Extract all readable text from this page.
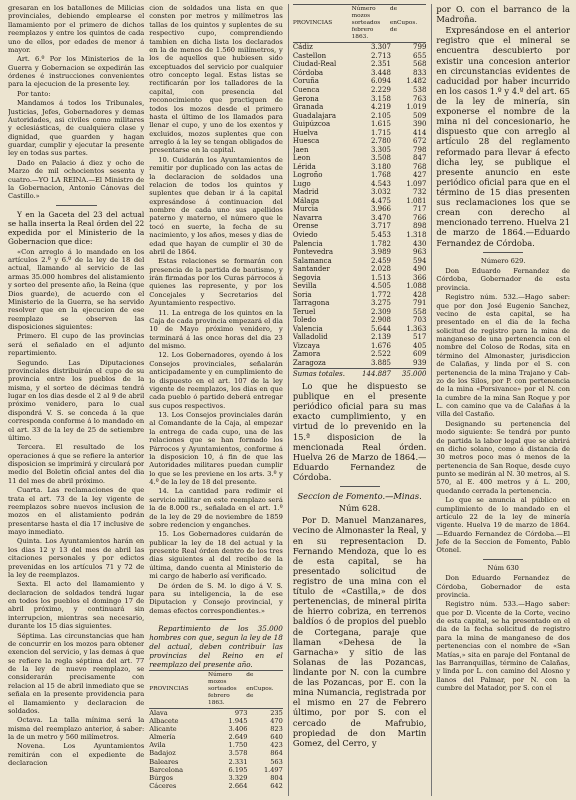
gresaran en los batallones de Milicias provinciales, debiendo emplearse el llamamiento por el primero de dichos reemplazos y entre los quintos de cada uno de ellos, por edades de menor á mayor.

Art. 6.º Por los Ministerios de la Guerra y Gobernacion se expedirán las órdenes é instrucciones convenientes para la ejecucion de la presente ley.

Por tanto:

Mandamos á todos los Tribunales, Justicias, Jefes, Gobernadores y demas Autoridades, asi civiles como militares y eclesiásticas, de cualquiera clase y dignidad, que guarden y hagan guardar, cumplir y ejecutar la presente ley en todas sus partes.

Dado en Palacio á diez y ocho de Marzo de mil ochocientos sesenta y cuatro.—YO LA REINA.—El Ministro de la Gobernacion, Antonio Cánovas del Castillo.»

Y en la Gaceta del 23 del actual se halla inserta la Real órden del 22 expedida por el Ministerio de la Gobernacion que dice:

«Con arreglo á lo mandado en los artículos 2.º y 6.º de la ley de 18 del actual, llamando al servicio de las armas 35.000 hombres del alistamiento y sorteo del presente año, la Reina (que Dios guarde), de acuerdo con el Ministerio de la Guerra, se ha servido resolver que en la ejecucion de ese reemplazo se observen las disposiciones siguientes:

Primero. El cupo de las provincias será el señalado en el adjunto repartimiento.

Segundo. Las Diputaciones provinciales distribuirán el cupo de su provincia entre los pueblos de la misma, y el sorteo de décimas tendrá lugar en los dias desde el 2 al 9 de abril próximo venidero, para lo cual dispondrá V. S. se conceda á la que corresponda conforme á lo mandado en el art. 33 de la ley de 25 de setiembre último.

Tercera. El resultado de los operaciones á que se refiere la anterior disposicion se imprimirá y circulará por medio del Boletin oficial antes del dia 11 del mes de abril próximo.

Cuarta. Las reclamaciones de que trata el art. 73 de la ley vigente de reemplazos sobre nuevos inclusion de mozos en el alistamiento podrán presentarse hasta el dia 17 inclusive de mayo inmediato.

Quinta. Los Ayuntamientos harán en los dias 12 y 13 del mes de abril las citaciones personales y por edictos prevenidas en los artículos 71 y 72 de la ley de reemplazos.

Sexta. El acto del llamamiento y declaracion de soldados tendrá lugar en todos los pueblos el domingo 17 de abril próximo, y continuará sin interrupcion, mientras sea necesario, durante los 15 dias siguientes.

Séptima. Las circunstancias que han de concurrir en los mozos para obtener exencion del servicio, y las demas á que se refiere la regla séptima del art. 77 de la ley de nuevo reemplazo, se considerarán precisamente con relacion al 15 de abril inmediato que se señala en la presente providencia para el llamamiento y declaracion de soldados.

Octava. La talla mínima será la misma del reemplazo anterior, á saber: la de un metro y 560 milímetros.

Novena. Los Ayuntamientos remitirán con el expediente de declaracion

cion de soldados una lista en que consten por metros y milímetros las tallas de los quintos y suplentes de su respectivo cupo, comprendiendo tambien en dicha lista los declarados en la de menos de 1.560 milímetros, y los de aquellos que hubiesen sido exceptuados del servicio por cualquier otro concepto legal. Estas listas se rectificarán por los talladores de la capital, con presencia del reconocimiento que practiquen de todos los mozos desde el primero hasta el último de los llamados para llenar el cupo, y uno de los exentos y excluidos, mozos suplentes que con arreglo á la ley se tengan obligados de presentarse en la capital.

10. Cuidarán los Ayuntamientos de remitir por duplicado con las actas de la declaracion de soldados una relacion de todos los quintos y suplentes que deban ir á la capital expresándose á continuacion del nombre de cada uno sus apellidos paterno y materno, el número que le tocó en suerte, la fecha de su nacimiento, y los años, meses y dias de edad que hayan de cumplir el 30 de abril de 1864.

Estas relaciones se formarán con presencia de la partida de bautismo, y irán firmadas por los Curas párrocos á quienes las represente, y por los Concejales y Secretarios del Ayuntamiento respectivo.

11. La entrega de los quintos en la Caja de cada provincia empezará el dia 10 de Mayo próximo venidero, y terminará á las once horas del dia 23 del mismo.

12. Los Gobernadores, oyendo á los Consejos provinciales, señalarán anticipadamente y en cumplimiento de lo dispuesto en el art. 107 de la ley vigente de reemplazos, los dias en que cada pueblo ó partido deberá entregar sus cupos respectivos.

13. Los Consejos provinciales darán al Comandante de la Caja, al empezar la entrega de cada cupo, una de las relaciones que se han formado los Párrocos y Ayuntamientos, conforme á la disposicion 10, á fin de que las Autoridades militares puedan cumplir lo que se les previene en los arts. 3.º y 4.º de la ley de 18 del presente.

14. La cantidad para redimir el servicio militar en este reemplazo será la de 8.000 rs., señalada en el art. 1.º de la ley de 29 de noviembre de 1859 sobre redencion y enganches.

15. Los Gobernadores cuidarán de publicar la ley de 18 del actual y la presente Real órden dentro de los tres dias siguientes al del recibo de la última, dando cuenta al Ministerio de mi cargo de haberlo así verificado.

De órden de S. M. lo digo á V. S. para su inteligencia, la de ese Diputacion y Consejo provincial, y demas efectos correspondientes.»

Repartimiento de los 35.000 hombres con que, segun la ley de 18 del actual, deben contribuir las provincias del Reino en el reemplazo del presente año.

PROVINCIAS	Número de mozos sorteados en febrero de 1863.	Cupos.
Alava	973	235
Albacete	1.945	470
Alicante	3.406	823
Almería	2.649	640
Avila	1.750	423
Badajoz	3.578	864
Baleares	2.331	563
Barcelona	6.195	1.497
Búrgos	3.329	804
Cáceres	2.664	642
PROVINCIAS	Número de mozos sorteados en febrero de 1863.	Cupos.
Cádiz	3.307	799
Castellon	2.713	655
Ciudad-Real	2.351	568
Córdoba	3.448	833
Coruña	6.094	1.482
Cuenca	2.229	538
Gerona	3.158	763
Granada	4.219	1.019
Guadalajara	2.105	509
Guipúzcoa	1.615	390
Huelva	1.715	414
Huesca	2.780	672
Jaen	3.305	798
Leon	3.508	847
Lérida	3.180	768
Logroño	1.768	427
Lugo	4.543	1.097
Madrid	3.032	732
Málaga	4.475	1.081
Murcia	3.966	717
Navarra	3.470	766
Orense	3.717	898
Oviedo	5.453	1.318
Palencia	1.782	430
Pontevedra	3.989	963
Salamanca	2.459	594
Santander	2.028	490
Segovia	1.513	366
Sevilla	4.505	1.088
Soria	1.772	428
Tarragona	3.275	791
Teruel	2.309	558
Toledo	2.908	703
Valencia	5.644	1.363
Valladolid	2.139	517
Vizcaya	1.676	405
Zamora	2.522	609
Zaragoza	3.885	939
Sumas totales.	144.887	35.000

Lo que he dispuesto se publique en el presente periódico oficial para su mas exacto cumplimiento, y en virtud de lo prevenido en la 15.ª disposicion de la mencionada Real órden. Huelva 26 de Marzo de 1864.—Eduardo Fernandez de Córdoba.

Seccion de Fomento.—Minas.
Núm 628.

Por D. Manuel Manzanares, vecino de Almonaster la Real, y en su representacion D. Fernando Mendoza, que lo es de esta capital, se ha presentado solicitud de registro de una mina con el título de «Castilla,» de dos pertenencias, de mineral pirita de hierro cobriza, en terrenos baldíos ó de propios del pueblo de Cortegana, paraje que llaman «Dehesa de la Garnacha» y sitio de las Solanas de las Pozancas, lindante por N. con la cumbre de las Pozancas, por E. con la mina Numancia, registrada por el mismo en 27 de Febrero último, por por S. con el cercado de Mafrubio, propiedad de don Martin Gomez, del Cerro, y

por O. con el barranco de la Madroña.

Expresándose en el anterior registro que el mineral se encuentra descubierto por existir una concesion anterior en circunstancias evidentes de caducidad por haber incurrido en los casos 1.º y 4.º del art. 65 de la ley de minería, sin exponerse el nombre de la mina ni del concesionario, he dispuesto que con arreglo al artículo 28 del reglamento reformado para llevar á efecto dicha ley, se publique el presente anuncio en este periódico oficial para que en el término de 15 dias presenten sus reclamaciones los que se crean con derecho al mencionado terreno. Huelva 21 de marzo de 1864.—Eduardo Fernandez de Córdoba.

Número 629.

Don Eduardo Fernandez de Córdoba, Gobernador de esta provincia.

Registro núm. 532.—Hago saber: que por don José Eugenio Sanchez, vecino de esta capital, se ha presentado en el dia de la fecha solicitud de registro para la mina de manganeso de una pertenencia con el nombre del Coloso de Rodas, sita en término del Almonaster, jurisdiccion de Calañas, y linda por el S. con pertenencia de la mina Trajano y Cab-zo de los Silos, por P. con pertenencia de la mina «Porsivance» por el N. con la cumbre de la mina San Roque y por L. con camino que va de Calañas á la villa del Castaño.

Designando su pertenencia del modo siguiente: Se tendrá por punto de partida la labor legal que se abrirá en dicho solano, como á distancia de 30 metros poco mas ó menos de la pertenencia de San Roque, desde cuyo punto se medirán al N. 30 metros, al S. 570, al E. 400 metros y á L. 200, quedando cerrada la pertenencia.

Lo que se anuncia al público en cumplimiento de lo mandado en el artículo 22 de la ley de minería vigente. Huelva 19 de marzo de 1864.—Eduardo Fernandez de Córdoba.—El Jefe de la Seccion de Fomento, Pablo Otonel.

Núm 630

Don Eduardo Fernandez de Córdoba, Gobernador de esta provincia.

Registro núm. 533.—Hago saber: que por D. Vicente de la Corte, vecino de esta capital, se ha presentado en el dia de la fecha solicitud de registro para la mina de manganeso de dos pertenencias con el nombre de «San Matías,» sita en paraje del Fontanal de las Barranquillas, término de Calañas, y linda por L. con camino del Alosno y llanos del Palmar, por N. con la cumbre del Matador, por S. con el
